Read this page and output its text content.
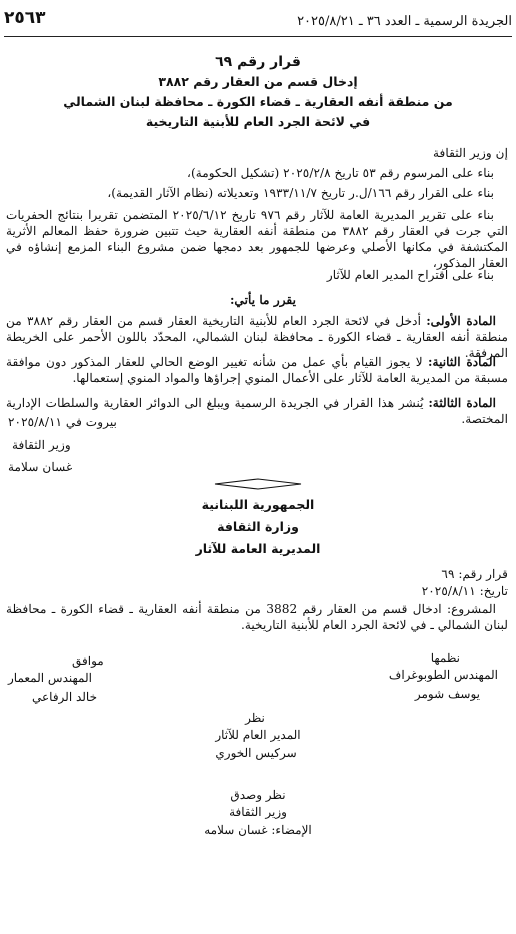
٢٥٦٣	الجريدة الرسمية ـ العدد ٣٦ ـ ٢٠٢٥/٨/٢١
قرار رقم ٦٩
إدخال قسم من العقار رقم ٣٨٨٢
من منطقة أنفه العقارية ـ قضاء الكورة ـ محافظة لبنان الشمالي
في لائحة الجرد العام للأبنية التاريخية

إن وزير الثقافة

بناء على المرسوم رقم ٥٣ تاريخ ٢٠٢٥/٢/٨ (تشكيل الحكومة)،

بناء على القرار رقم ١٦٦/ل.ر تاريخ ١٩٣٣/١١/٧ وتعديلاته (نظام الآثار القديمة)،

بناء على تقرير المديرية العامة للآثار رقم ٩٧٦ تاريخ ٢٠٢٥/٦/١٢ المتضمن تقريرا بنتائج الحفريات التي جرت في العقار رقم ٣٨٨٢ من منطقة أنفه العقارية حيث تتبين ضرورة حفظ المعالم الأثرية المكتشفة في مكانها الأصلي وعرضها للجمهور بعد دمجها ضمن مشروع البناء المزمع إنشاؤه في العقار المذكور،

بناء على اقتراح المدير العام للآثار

يقرر ما يأتي:

المادة الأولى: أدخل في لائحة الجرد العام للأبنية التاريخية العقار قسم من العقار رقم ٣٨٨٢ من منطقة أنفه العقارية ـ قضاء الكورة ـ محافظة لبنان الشمالي، المحدّد باللون الأحمر على الخريطة المرفقة.

المادة الثانية: لا يجوز القيام بأي عمل من شأنه تغيير الوضع الحالي للعقار المذكور دون موافقة مسبقة من المديرية العامة للآثار على الأعمال المنوي إجراؤها والمواد المنوي إستعمالها.

المادة الثالثة: يُنشر هذا القرار في الجريدة الرسمية ويبلغ الى الدوائر العقارية والسلطات الإدارية المختصة.

بيروت في ٢٠٢٥/٨/١١
وزير الثقافة
غسان سلامة
الجمهورية اللبنانية
وزارة الثقافة
المديرية العامة للآثار

قرار رقم: ٦٩

تاريخ: ٢٠٢٥/٨/١١

المشروع: ادخال قسم من العقار رقم 3882 من منطقة أنفه العقارية ـ قضاء الكورة ـ محافظة لبنان الشمالي ـ في لائحة الجرد العام للأبنية التاريخية.

نظمها
المهندس الطوبوغراف
يوسف شومر
موافق
المهندس المعمار
خالد الرفاعي
نظر
المدير العام للآثار
سركيس الخوري
نظر وصدق
وزير الثقافة
الإمضاء: غسان سلامه
